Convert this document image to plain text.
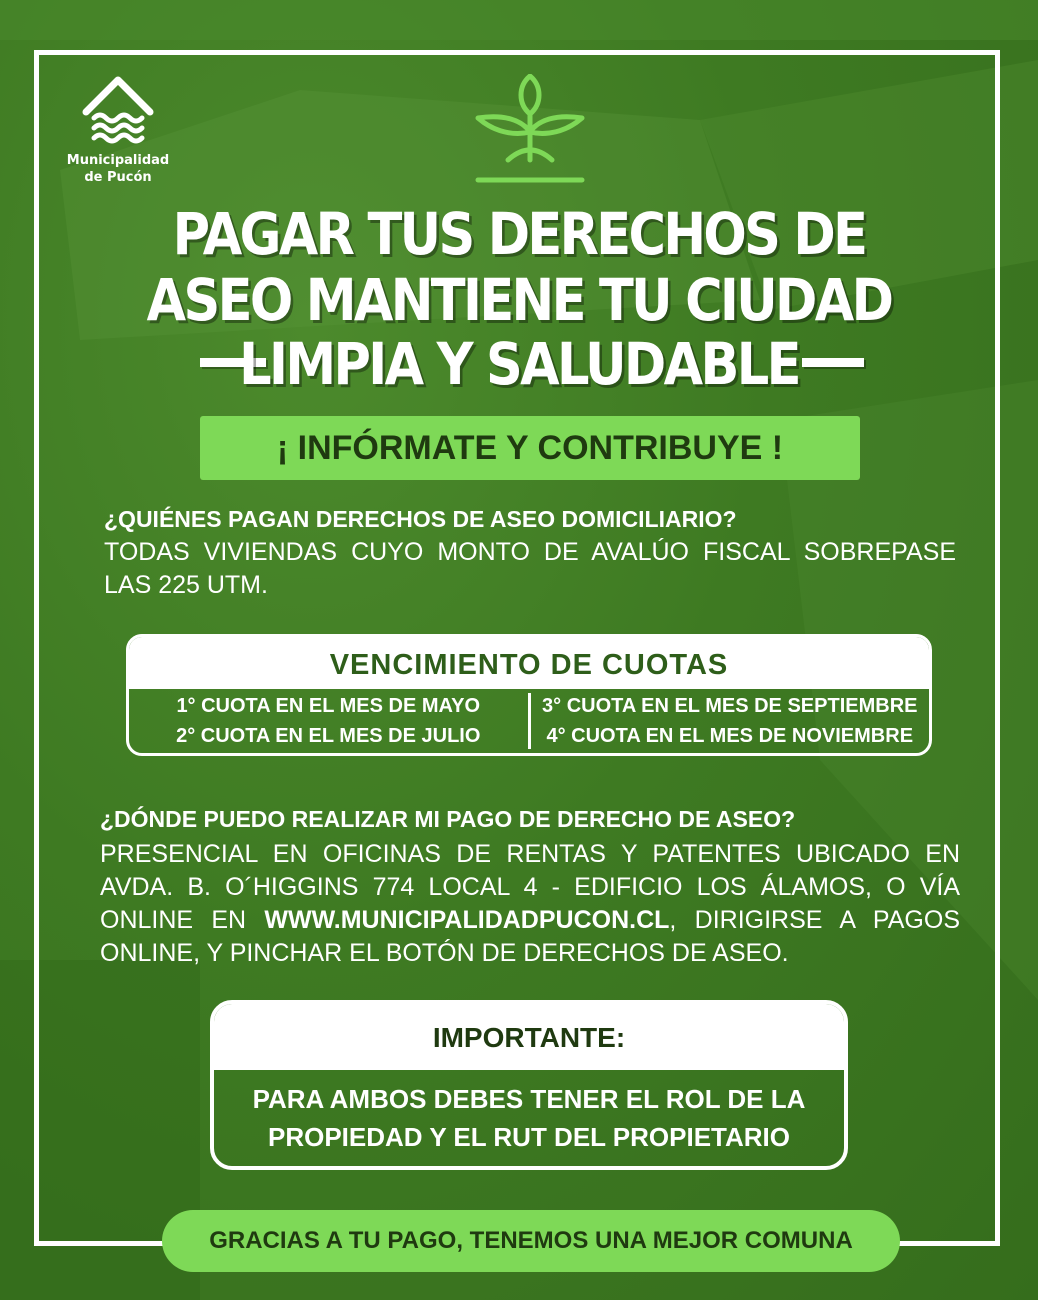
Municipalidad
de Pucón
PAGAR TUS DERECHOS DE
ASEO MANTIENE TU CIUDAD
LIMPIA Y SALUDABLE
¡ INFÓRMATE Y CONTRIBUYE !
¿QUIÉNES PAGAN DERECHOS DE ASEO DOMICILIARIO?
TODAS VIVIENDAS CUYO MONTO DE AVALÚO FISCAL SOBREPASE LAS 225 UTM.
VENCIMIENTO DE CUOTAS
1° CUOTA EN EL MES DE MAYO
2° CUOTA EN EL MES DE JULIO
3° CUOTA EN EL MES DE SEPTIEMBRE
4° CUOTA EN EL MES DE NOVIEMBRE
¿DÓNDE PUEDO REALIZAR MI PAGO DE DERECHO DE ASEO?
PRESENCIAL EN OFICINAS DE RENTAS Y PATENTES UBICADO EN AVDA. B. O´HIGGINS 774 LOCAL 4 - EDIFICIO LOS ÁLAMOS, O VÍA ONLINE EN WWW.MUNICIPALIDADPUCON.CL, DIRIGIRSE A PAGOS ONLINE, Y PINCHAR EL BOTÓN DE DERECHOS DE ASEO.
IMPORTANTE:
PARA AMBOS DEBES TENER EL ROL DE LA
PROPIEDAD Y EL RUT DEL PROPIETARIO
GRACIAS A TU PAGO, TENEMOS UNA MEJOR COMUNA
